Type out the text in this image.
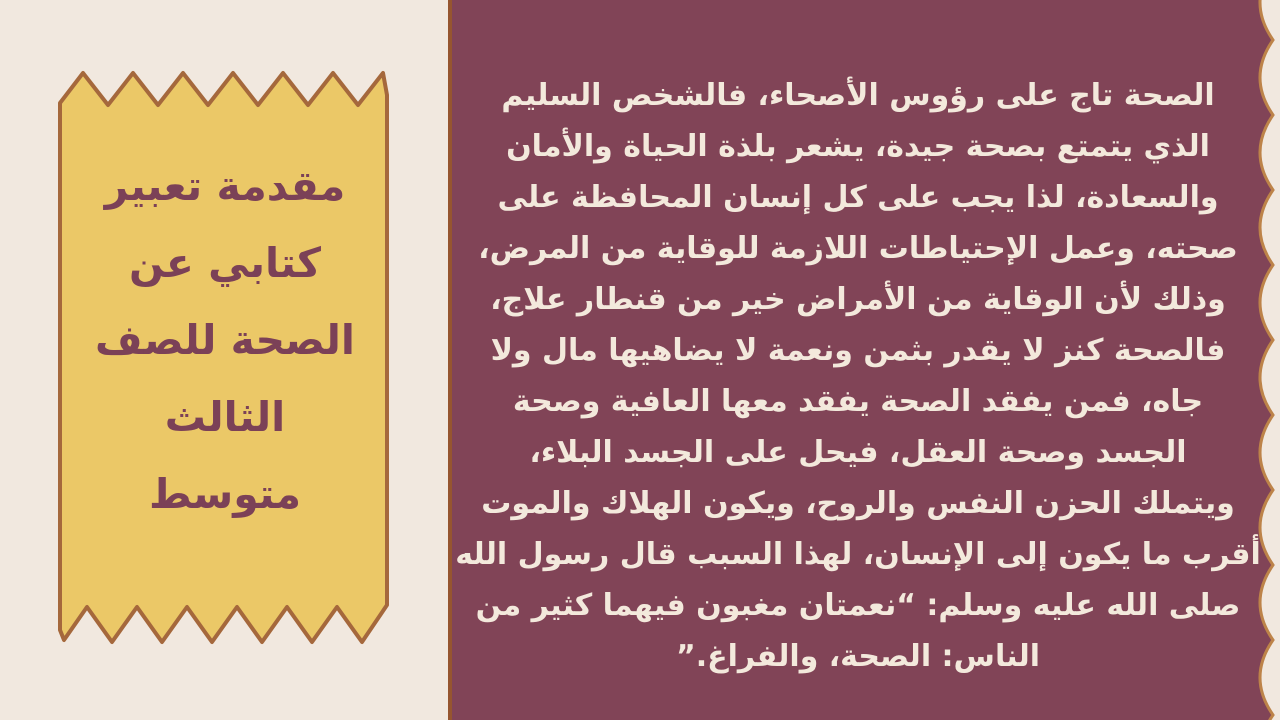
مقدمة تعبير
كتابي عن
الصحة للصف
الثالث
متوسط
الصحة تاج على رؤوس الأصحاء، فالشخص السليم
الذي يتمتع بصحة جيدة، يشعر بلذة الحياة والأمان
والسعادة، لذا يجب على كل إنسان المحافظة على
صحته، وعمل الإحتياطات اللازمة للوقاية من المرض،
وذلك لأن الوقاية من الأمراض خير من قنطار علاج،
فالصحة كنز لا يقدر بثمن ونعمة لا يضاهيها مال ولا
جاه، فمن يفقد الصحة يفقد معها العافية وصحة
الجسد وصحة العقل، فيحل على الجسد البلاء،
ويتملك الحزن النفس والروح، ويكون الهلاك والموت
أقرب ما يكون إلى الإنسان، لهذا السبب قال رسول الله
صلى الله عليه وسلم: “نعمتان مغبون فيهما كثير من
الناس: الصحة، والفراغ.”
